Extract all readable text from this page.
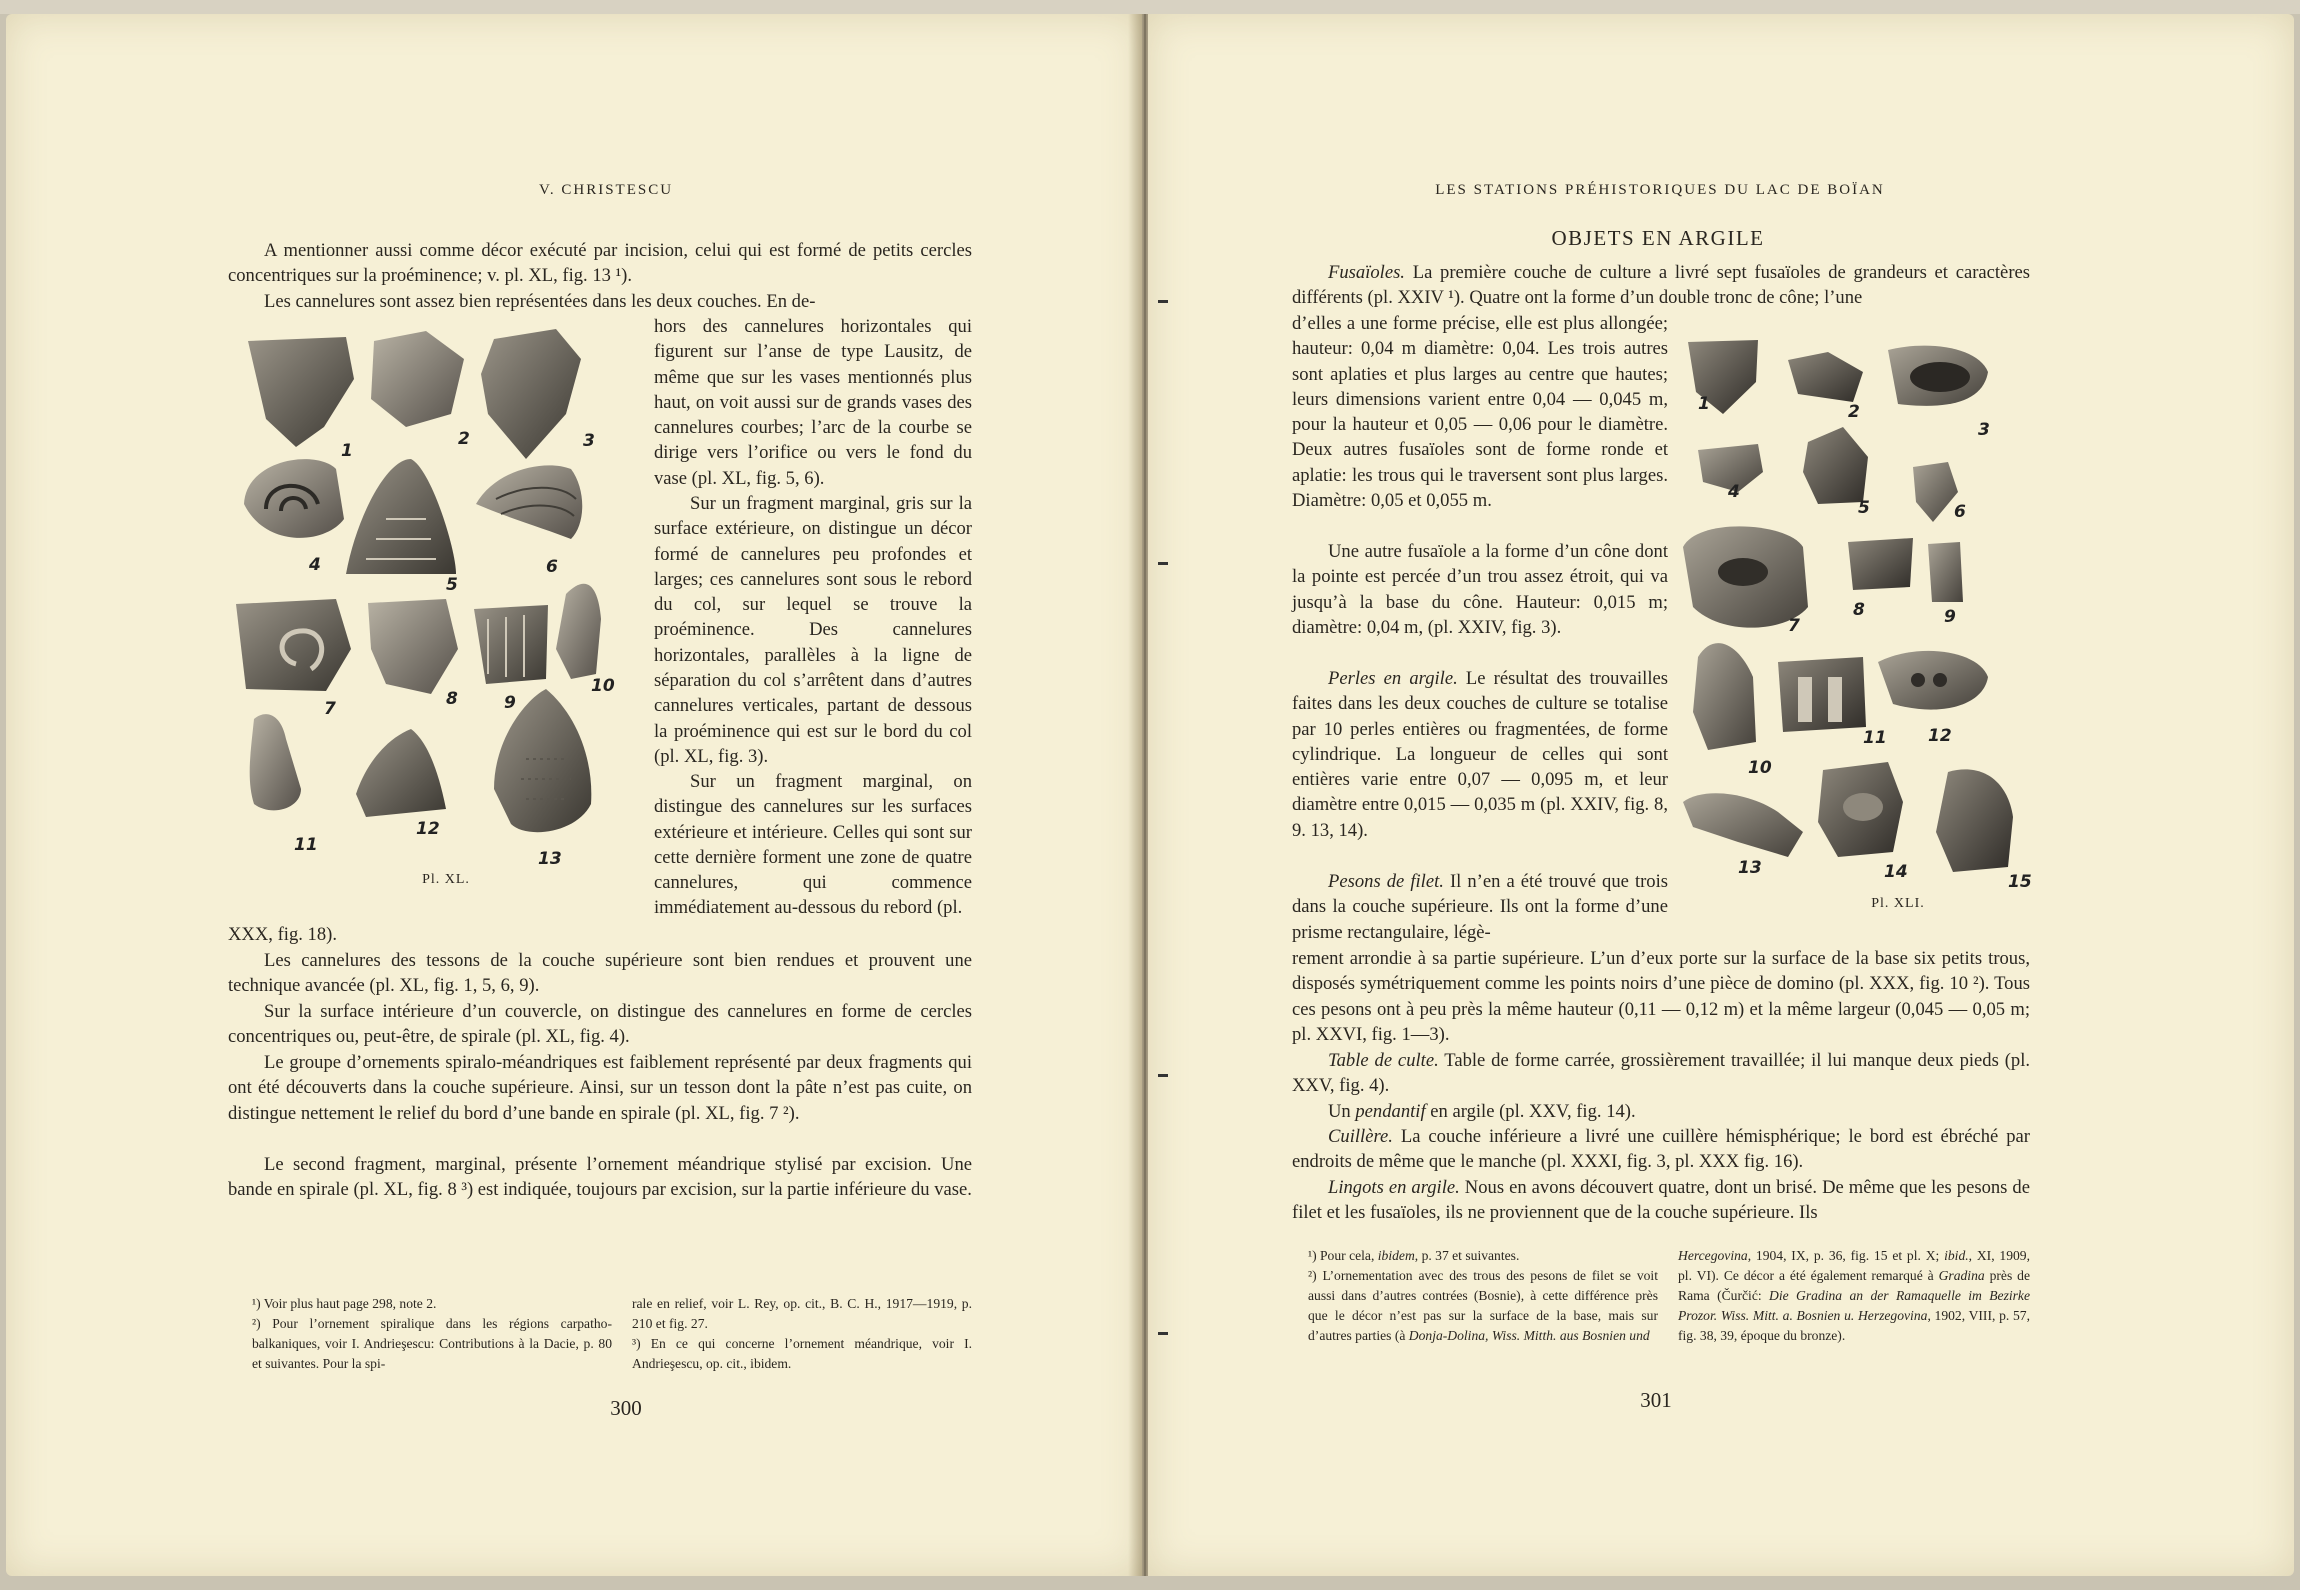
V. CHRISTESCU

A mentionner aussi comme décor exécuté par incision, celui qui est formé de petits cercles concentriques sur la proéminence; v. pl. XL, fig. 13 ¹).

Les cannelures sont assez bien représentées dans les deux couches. En de-

hors des cannelures horizontales qui figurent sur l’anse de type Lausitz, de même que sur les vases mentionnés plus haut, on voit aussi sur de grands vases des cannelures courbes; l’arc de la courbe se dirige vers l’orifice ou vers le fond du vase (pl. XL, fig. 5, 6).

Sur un fragment marginal, gris sur la surface extérieure, on distingue un décor formé de cannelures peu profondes et larges; ces cannelures sont sous le rebord du col, sur lequel se trouve la proéminence. Des cannelures horizontales, parallèles à la ligne de séparation du col s’arrêtent dans d’autres cannelures verticales, partant de dessous la proéminence qui est sur le bord du col (pl. XL, fig. 3).

Sur un fragment marginal, on distingue des cannelures sur les surfaces extérieure et intérieure. Celles qui sont sur cette dernière forment une zone de quatre cannelures, qui commence immédiatement au-dessous du rebord (pl.

XXX, fig. 18).

Les cannelures des tessons de la couche supérieure sont bien rendues et prouvent une technique avancée (pl. XL, fig. 1, 5, 6, 9).

Sur la surface intérieure d’un couvercle, on distingue des cannelures en forme de cercles concentriques ou, peut-être, de spirale (pl. XL, fig. 4).

Le groupe d’ornements spiralo-méandriques est faiblement représenté par deux fragments qui ont été découverts dans la couche supérieure. Ainsi, sur un tesson dont la pâte n’est pas cuite, on distingue nettement le relief du bord d’une bande en spirale (pl. XL, fig. 7 ²).

Le second fragment, marginal, présente l’ornement méandrique stylisé par excision. Une bande en spirale (pl. XL, fig. 8 ³) est indiquée, toujours par excision, sur la partie inférieure du vase.

1
2	3
4
5
6
7	8	9
10
11
12
13
Pl. XL.

¹) Voir plus haut page 298, note 2.
²) Pour l’ornement spiralique dans les régions carpatho-balkaniques, voir I. Andrieşescu: Contributions à la Dacie, p. 80 et suivantes. Pour la spi-

rale en relief, voir L. Rey, op. cit., B. C. H., 1917—1919, p. 210 et fig. 27.
³) En ce qui concerne l’ornement méandrique, voir I. Andrieşescu, op. cit., ibidem.

300
LES STATIONS PRÉHISTORIQUES DU LAC DE BOÏAN
OBJETS EN ARGILE

Fusaïoles. La première couche de culture a livré sept fusaïoles de grandeurs et caractères différents (pl. XXIV ¹). Quatre ont la forme d’un double tronc de cône; l’une

d’elles a une forme précise, elle est plus allongée; hauteur: 0,04 m diamètre: 0,04. Les trois autres sont aplaties et plus larges au centre que hautes; leurs dimensions varient entre 0,04 — 0,045 m, pour la hauteur et 0,05 — 0,06 pour le diamètre. Deux autres fusaïoles sont de forme ronde et aplatie: les trous qui le traversent sont plus larges. Diamètre: 0,05 et 0,055 m.

Une autre fusaïole a la forme d’un cône dont la pointe est percée d’un trou assez étroit, qui va jusqu’à la base du cône. Hauteur: 0,015 m; diamètre: 0,04 m, (pl. XXIV, fig. 3).

Perles en argile. Le résultat des trouvailles faites dans les deux couches de culture se totalise par 10 perles entières ou fragmentées, de forme cylindrique. La longueur de celles qui sont entières varie entre 0,07 — 0,095 m, et leur diamètre entre 0,015 — 0,035 m (pl. XXIV, fig. 8, 9. 13, 14).

Pesons de filet. Il n’en a été trouvé que trois dans la couche supérieure. Ils ont la forme d’une prisme rectangulaire, légè-

rement arrondie à sa partie supérieure. L’un d’eux porte sur la surface de la base six petits trous, disposés symétriquement comme les points noirs d’une pièce de domino (pl. XXX, fig. 10 ²). Tous ces pesons ont à peu près la même hauteur (0,11 — 0,12 m) et la même largeur (0,045 — 0,05 m; pl. XXVI, fig. 1—3).

Table de culte. Table de forme carrée, grossièrement travaillée; il lui manque deux pieds (pl. XXV, fig. 4).

Un pendantif en argile (pl. XXV, fig. 14).

Cuillère. La couche inférieure a livré une cuillère hémisphérique; le bord est ébréché par endroits de même que le manche (pl. XXXI, fig. 3, pl. XXX fig. 16).

Lingots en argile. Nous en avons découvert quatre, dont un brisé. De même que les pesons de filet et les fusaïoles, ils ne proviennent que de la couche supérieure. Ils

1	2
3
4
5	6
7
8	9
10
11 12
13	14	15
Pl. XLI.

¹) Pour cela, ibidem, p. 37 et suivantes.
²) L’ornementation avec des trous des pesons de filet se voit aussi dans d’autres contrées (Bosnie), à cette différence près que le décor n’est pas sur la surface de la base, mais sur d’autres parties (à Donja-Dolina, Wiss. Mitth. aus Bosnien und

Hercegovina, 1904, IX, p. 36, fig. 15 et pl. X; ibid., XI, 1909, pl. VI). Ce décor a été également remarqué à Gradina près de Rama (Čurčić: Die Gradina an der Ramaquelle im Bezirke Prozor. Wiss. Mitt. a. Bosnien u. Herzegovina, 1902, VIII, p. 57, fig. 38, 39, époque du bronze).

301
